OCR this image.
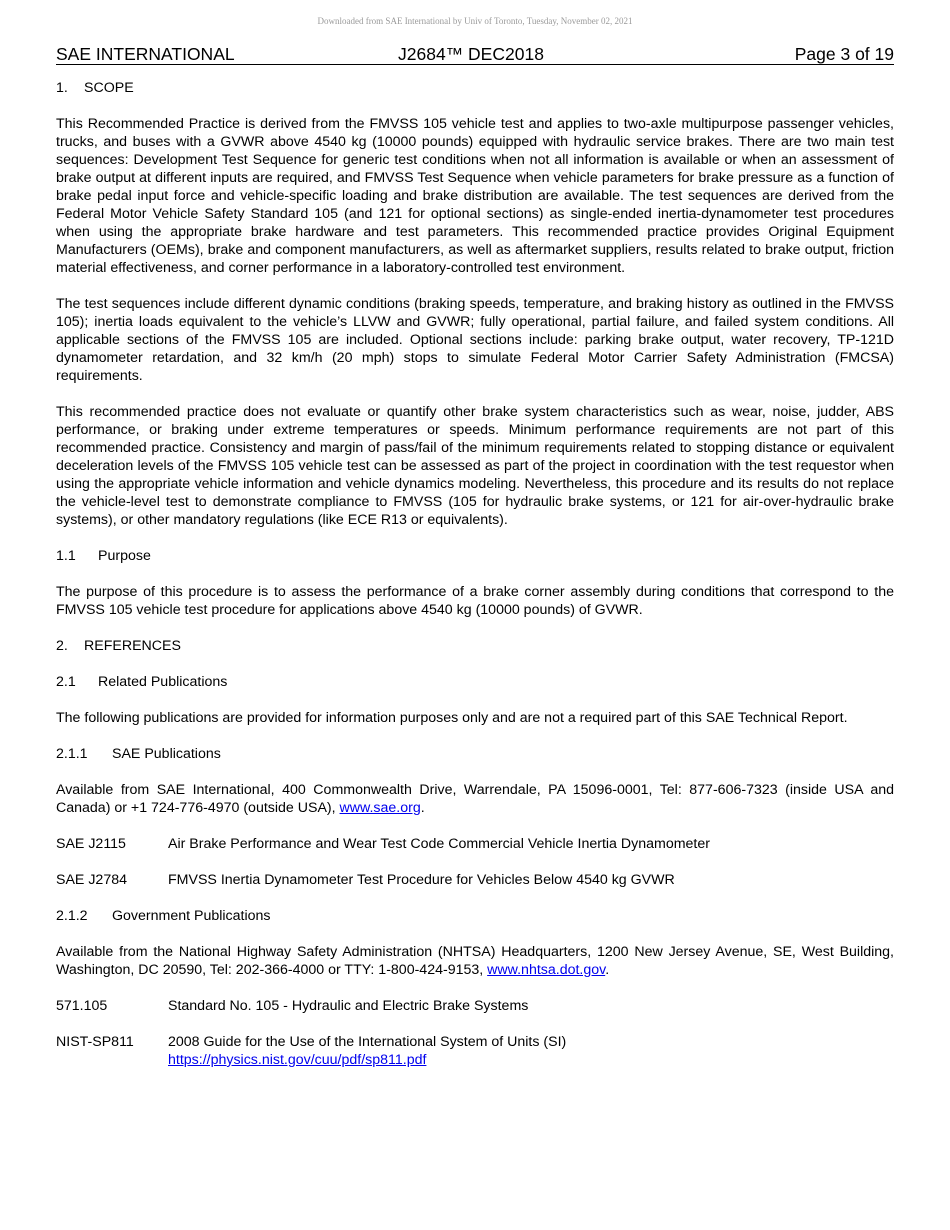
Downloaded from SAE International by Univ of Toronto, Tuesday, November 02, 2021
SAE INTERNATIONAL	J2684™ DEC2018	Page 3 of 19
1.	SCOPE

This Recommended Practice is derived from the FMVSS 105 vehicle test and applies to two-axle multipurpose passenger vehicles, trucks, and buses with a GVWR above 4540 kg (10000 pounds) equipped with hydraulic service brakes. There are two main test sequences: Development Test Sequence for generic test conditions when not all information is available or when an assessment of brake output at different inputs are required, and FMVSS Test Sequence when vehicle parameters for brake pressure as a function of brake pedal input force and vehicle-specific loading and brake distribution are available. The test sequences are derived from the Federal Motor Vehicle Safety Standard 105 (and 121 for optional sections) as single-ended inertia-dynamometer test procedures when using the appropriate brake hardware and test parameters. This recommended practice provides Original Equipment Manufacturers (OEMs), brake and component manufacturers, as well as aftermarket suppliers, results related to brake output, friction material effectiveness, and corner performance in a laboratory-controlled test environment.

The test sequences include different dynamic conditions (braking speeds, temperature, and braking history as outlined in the FMVSS 105); inertia loads equivalent to the vehicle’s LLVW and GVWR; fully operational, partial failure, and failed system conditions. All applicable sections of the FMVSS 105 are included. Optional sections include: parking brake output, water recovery, TP-121D dynamometer retardation, and 32 km/h (20 mph) stops to simulate Federal Motor Carrier Safety Administration (FMCSA) requirements.

This recommended practice does not evaluate or quantify other brake system characteristics such as wear, noise, judder, ABS performance, or braking under extreme temperatures or speeds. Minimum performance requirements are not part of this recommended practice. Consistency and margin of pass/fail of the minimum requirements related to stopping distance or equivalent deceleration levels of the FMVSS 105 vehicle test can be assessed as part of the project in coordination with the test requestor when using the appropriate vehicle information and vehicle dynamics modeling. Nevertheless, this procedure and its results do not replace the vehicle-level test to demonstrate compliance to FMVSS (105 for hydraulic brake systems, or 121 for air-over-hydraulic brake systems), or other mandatory regulations (like ECE R13 or equivalents).

1.1	Purpose

The purpose of this procedure is to assess the performance of a brake corner assembly during conditions that correspond to the FMVSS 105 vehicle test procedure for applications above 4540 kg (10000 pounds) of GVWR.

2.	REFERENCES
2.1	Related Publications

The following publications are provided for information purposes only and are not a required part of this SAE Technical Report.

2.1.1	SAE Publications

Available from SAE International, 400 Commonwealth Drive, Warrendale, PA 15096-0001, Tel: 877-606-7323 (inside USA and Canada) or +1 724-776-4970 (outside USA), www.sae.org.

SAE J2115	Air Brake Performance and Wear Test Code Commercial Vehicle Inertia Dynamometer
SAE J2784	FMVSS Inertia Dynamometer Test Procedure for Vehicles Below 4540 kg GVWR
2.1.2	Government Publications

Available from the National Highway Safety Administration (NHTSA) Headquarters, 1200 New Jersey Avenue, SE, West Building, Washington, DC 20590, Tel: 202-366-4000 or TTY: 1-800-424-9153, www.nhtsa.dot.gov.

571.105	Standard No. 105 - Hydraulic and Electric Brake Systems
NIST-SP811	2008 Guide for the Use of the International System of Units (SI)
https://physics.nist.gov/cuu/pdf/sp811.pdf
